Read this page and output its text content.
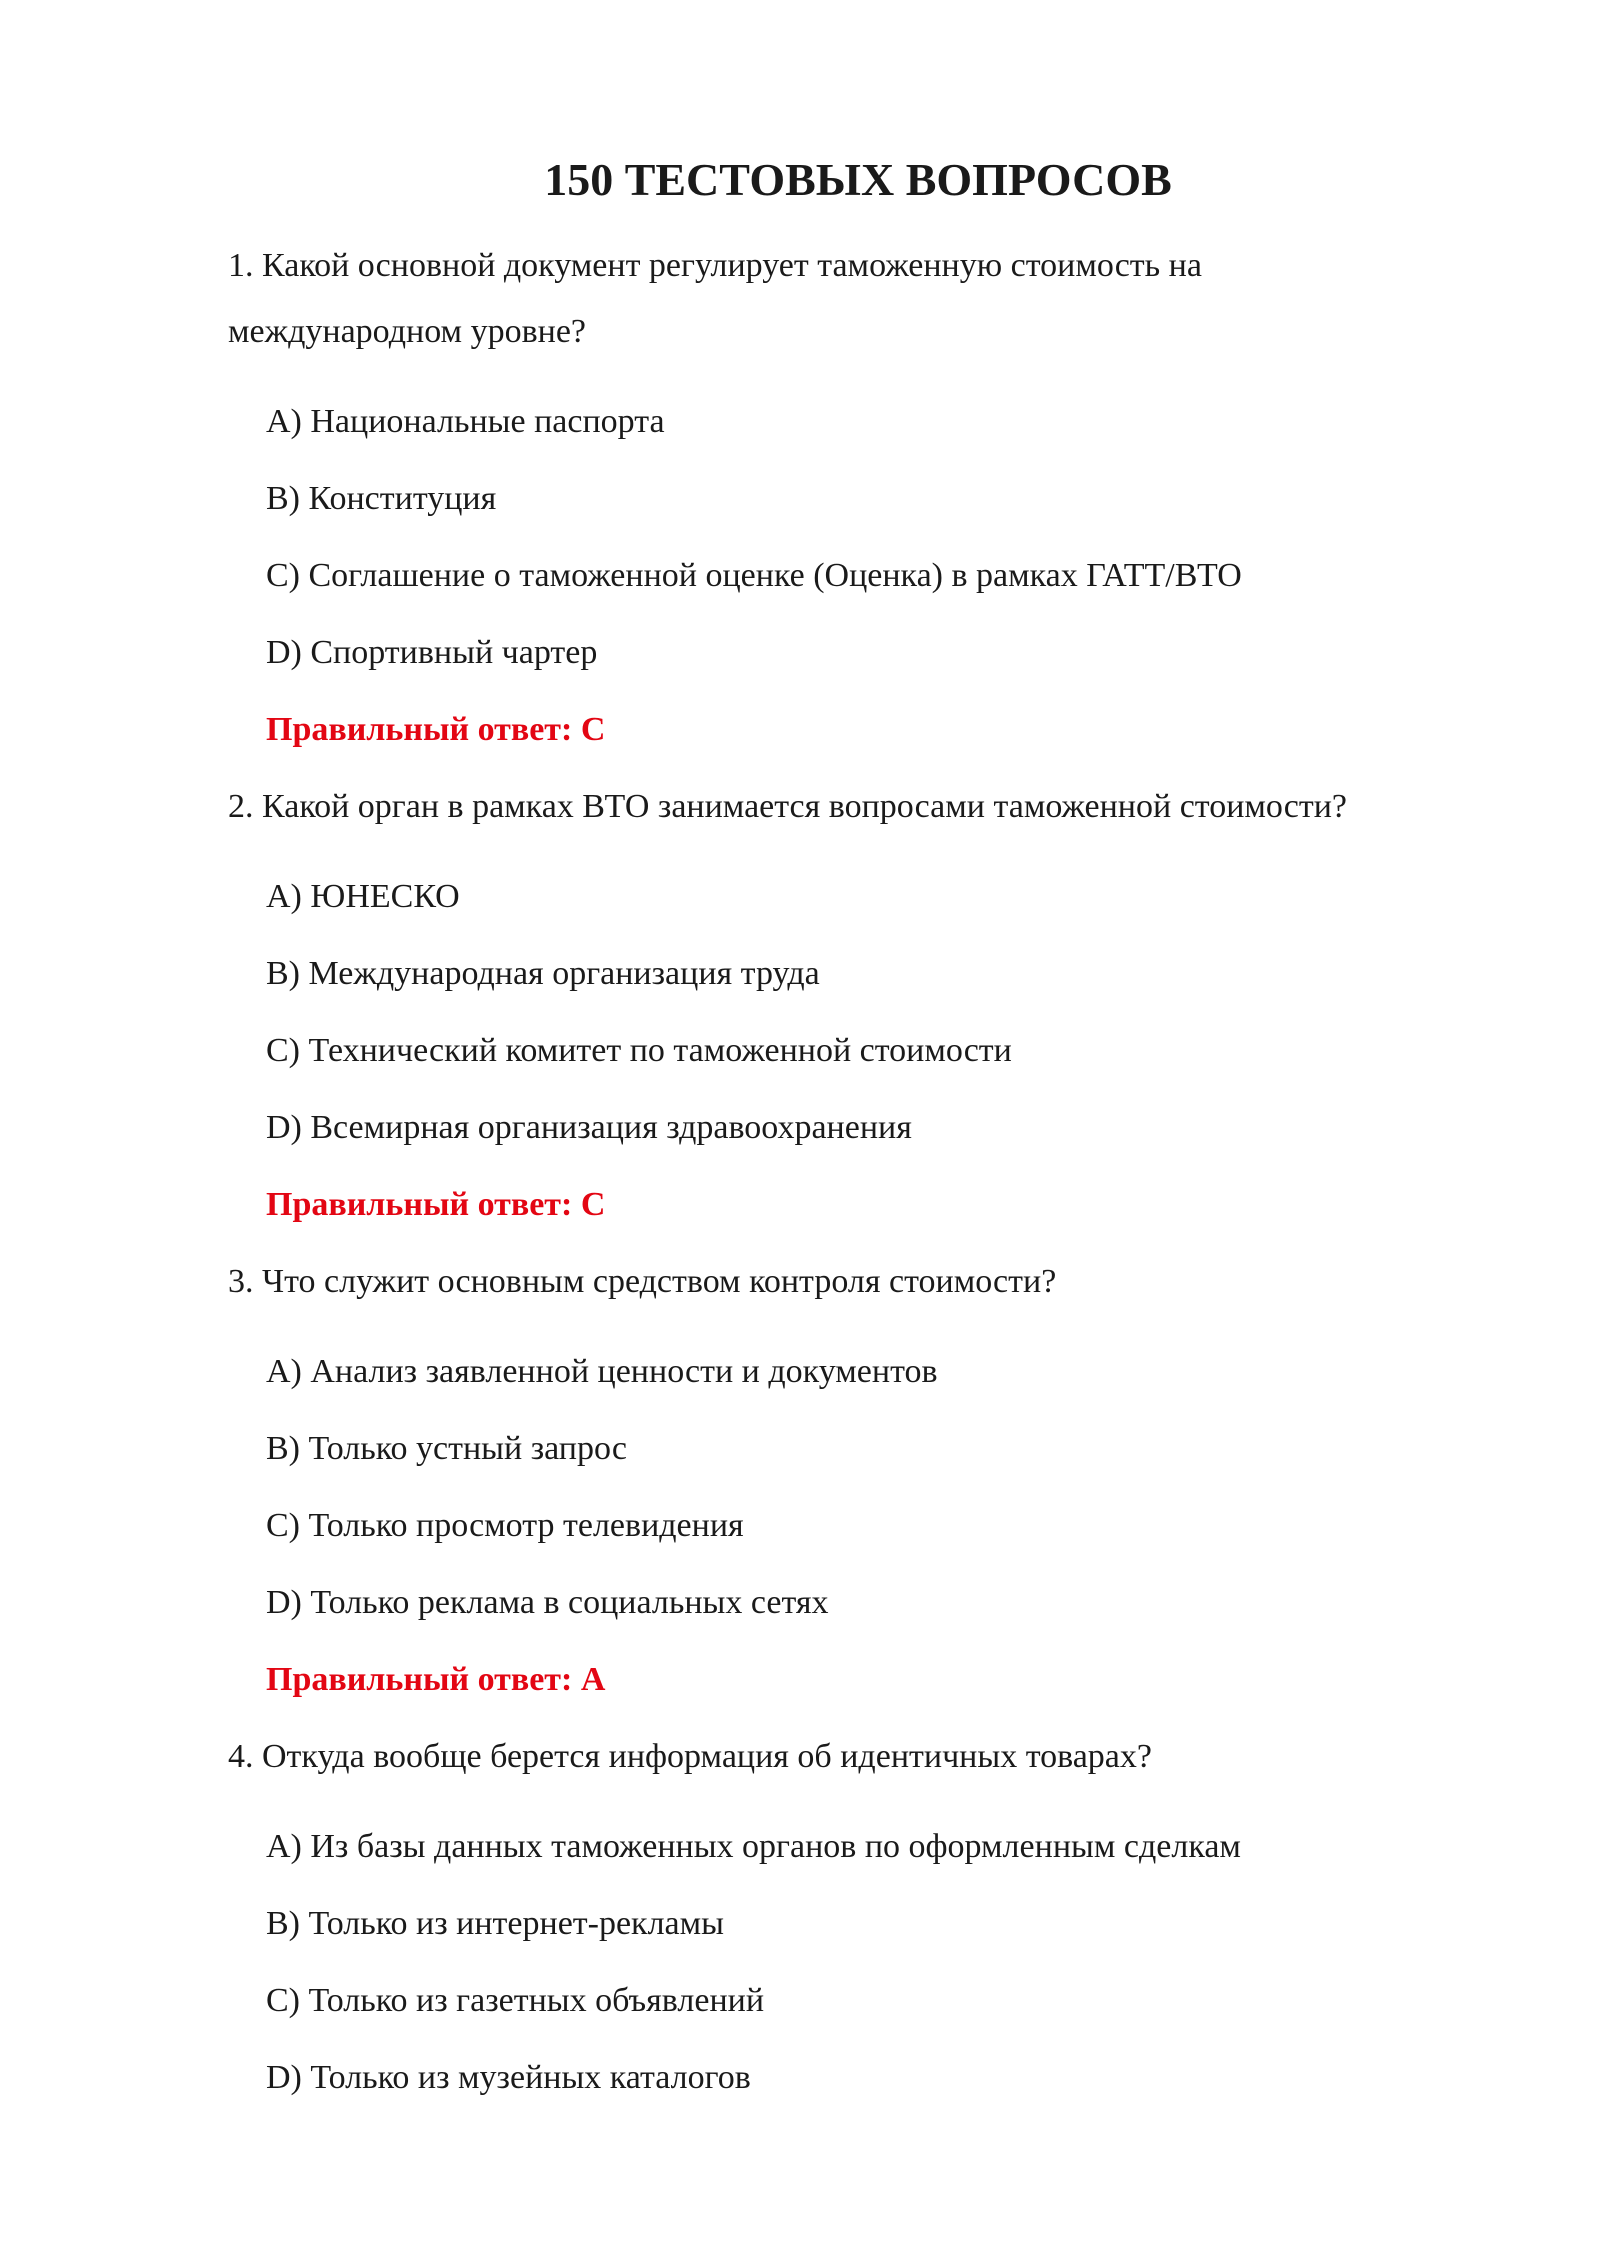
150 ТЕСТОВЫХ ВОПРОСОВ

1. Какой основной документ регулирует таможенную стоимость на

международном уровне?

A) Национальные паспорта

B) Конституция

C) Соглашение о таможенной оценке (Оценка) в рамках ГАТТ/ВТО

D) Спортивный чартер

Правильный ответ: C

2. Какой орган в рамках ВТО занимается вопросами таможенной стоимости?

A) ЮНЕСКО

B) Международная организация труда

C) Технический комитет по таможенной стоимости

D) Всемирная организация здравоохранения

Правильный ответ: C

3. Что служит основным средством контроля стоимости?

A) Анализ заявленной ценности и документов

B) Только устный запрос

C) Только просмотр телевидения

D) Только реклама в социальных сетях

Правильный ответ: A

4. Откуда вообще берется информация об идентичных товарах?

A) Из базы данных таможенных органов по оформленным сделкам

B) Только из интернет-рекламы

C) Только из газетных объявлений

D) Только из музейных каталогов
